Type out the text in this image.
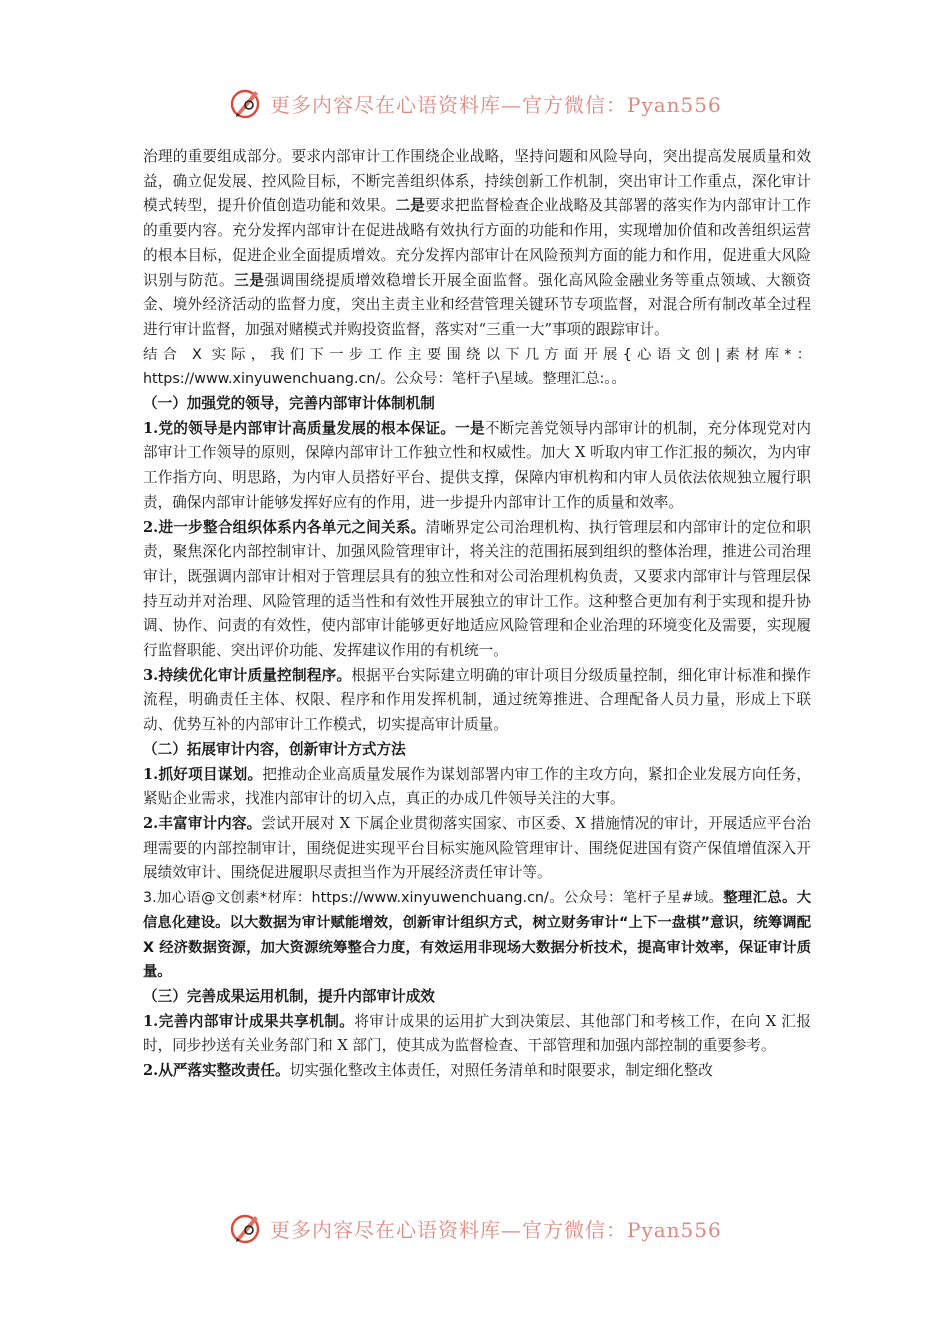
更多内容尽在心语资料库—官方微信：Pyan556

治理的重要组成部分。要求内部审计工作围绕企业战略，坚持问题和风险导向，突出提高发展质量和效益，确立促发展、控风险目标，不断完善组织体系，持续创新工作机制，突出审计工作重点，深化审计模式转型，提升价值创造功能和效果。二是要求把监督检查企业战略及其部署的落实作为内部审计工作的重要内容。充分发挥内部审计在促进战略有效执行方面的功能和作用，实现增加价值和改善组织运营的根本目标，促进企业全面提质增效。充分发挥内部审计在风险预判方面的能力和作用，促进重大风险识别与防范。三是强调围绕提质增效稳增长开展全面监督。强化高风险金融业务等重点领域、大额资金、境外经济活动的监督力度，突出主责主业和经营管理关键环节专项监督，对混合所有制改革全过程进行审计监督，加强对赌模式并购投资监督，落实对“三重一大”事项的跟踪审计。

结合 X 实际，我们下一步工作主要围绕以下几方面开展{心语文创|素材库*：https://www.xinyuwenchuang.cn/。公众号：笔杆子\星域。整理汇总:。。

（一）加强党的领导，完善内部审计体制机制

1.党的领导是内部审计高质量发展的根本保证。一是不断完善党领导内部审计的机制，充分体现党对内部审计工作领导的原则，保障内部审计工作独立性和权威性。加大 X 听取内审工作汇报的频次，为内审工作指方向、明思路，为内审人员搭好平台、提供支撑，保障内审机构和内审人员依法依规独立履行职责，确保内部审计能够发挥好应有的作用，进一步提升内部审计工作的质量和效率。

2.进一步整合组织体系内各单元之间关系。清晰界定公司治理机构、执行管理层和内部审计的定位和职责，聚焦深化内部控制审计、加强风险管理审计，将关注的范围拓展到组织的整体治理，推进公司治理审计，既强调内部审计相对于管理层具有的独立性和对公司治理机构负责，又要求内部审计与管理层保持互动并对治理、风险管理的适当性和有效性开展独立的审计工作。这种整合更加有利于实现和提升协调、协作、问责的有效性，使内部审计能够更好地适应风险管理和企业治理的环境变化及需要，实现履行监督职能、突出评价功能、发挥建议作用的有机统一。

3.持续优化审计质量控制程序。根据平台实际建立明确的审计项目分级质量控制，细化审计标准和操作流程，明确责任主体、权限、程序和作用发挥机制，通过统筹推进、合理配备人员力量，形成上下联动、优势互补的内部审计工作模式，切实提高审计质量。

（二）拓展审计内容，创新审计方式方法

1.抓好项目谋划。把推动企业高质量发展作为谋划部署内审工作的主攻方向，紧扣企业发展方向任务，紧贴企业需求，找准内部审计的切入点，真正的办成几件领导关注的大事。

2.丰富审计内容。尝试开展对 X 下属企业贯彻落实国家、市区委、X 措施情况的审计，开展适应平台治理需要的内部控制审计，围绕促进实现平台目标实施风险管理审计、围绕促进国有资产保值增值深入开展绩效审计、围绕促进履职尽责担当作为开展经济责任审计等。

3.加心语@文创素*材库：https://www.xinyuwenchuang.cn/。公众号：笔杆子星#域。整理汇总。大信息化建设。以大数据为审计赋能增效，创新审计组织方式，树立财务审计“上下一盘棋”意识，统筹调配 X 经济数据资源，加大资源统筹整合力度，有效运用非现场大数据分析技术，提高审计效率，保证审计质量。

（三）完善成果运用机制，提升内部审计成效

1.完善内部审计成果共享机制。将审计成果的运用扩大到决策层、其他部门和考核工作，在向 X 汇报时，同步抄送有关业务部门和 X 部门，使其成为监督检查、干部管理和加强内部控制的重要参考。

2.从严落实整改责任。切实强化整改主体责任，对照任务清单和时限要求，制定细化整改

更多内容尽在心语资料库—官方微信：Pyan556
